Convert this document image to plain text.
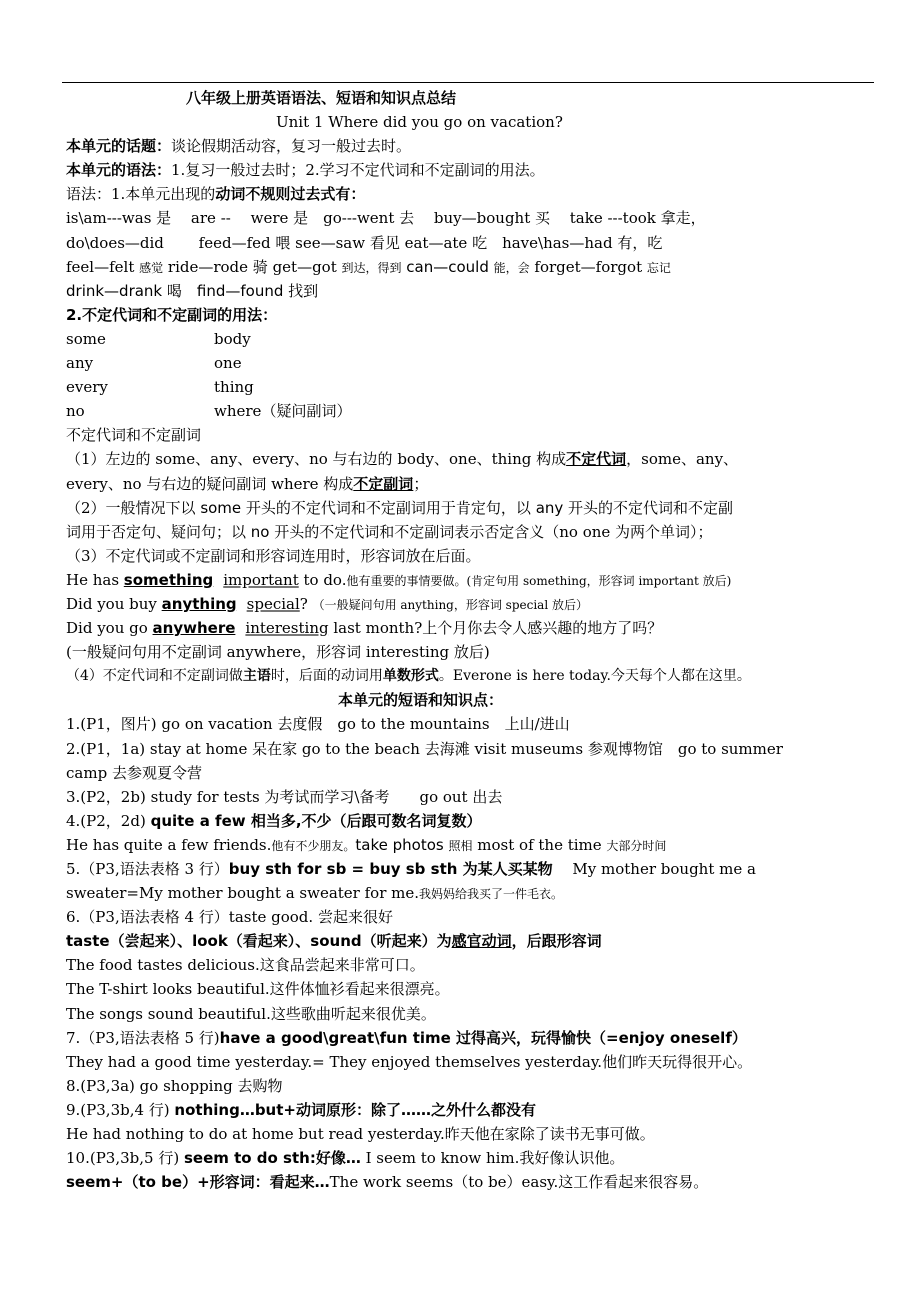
八年级上册英语语法、短语和知识点总结
Unit 1 Where did you go on vacation?
本单元的话题：谈论假期活动容，复习一般过去时。
本单元的语法：1.复习一般过去时；2.学习不定代词和不定副词的用法。
语法：1.本单元出现的动词不规则过去式有：
is\am---was 是　 are --　 were 是　go---went 去　 buy—bought 买　 take ---took 拿走，
do\does—did　　 feed—fed 喂 see—saw 看见 eat—ate 吃　have\has—had 有，吃
feel—felt 感觉 ride—rode 骑 get—got 到达，得到 can—could 能，会 forget—forgot 忘记
drink—drank 喝　find—found 找到
2.不定代词和不定副词的用法：
some	body
any	one
every	thing
no	where（疑问副词）
不定代词和不定副词
（1）左边的 some、any、every、no 与右边的 body、one、thing 构成不定代词，some、any、
every、no 与右边的疑问副词 where 构成不定副词；
（2）一般情况下以 some 开头的不定代词和不定副词用于肯定句，以 any 开头的不定代词和不定副
词用于否定句、疑问句；以 no 开头的不定代词和不定副词表示否定含义（no one 为两个单词）；
（3）不定代词或不定副词和形容词连用时，形容词放在后面。
He has something important to do.他有重要的事情要做。(肯定句用 something，形容词 important 放后)
Did you buy anything special? （一般疑问句用 anything，形容词 special 放后）
Did you go anywhere interesting last month?上个月你去令人感兴趣的地方了吗？
(一般疑问句用不定副词 anywhere，形容词 interesting 放后)
（4）不定代词和不定副词做主语时，后面的动词用单数形式。Everone is here today.今天每个人都在这里。
本单元的短语和知识点：
1.(P1，图片) go on vacation 去度假　go to the mountains　上山/进山
2.(P1，1a) stay at home 呆在家 go to the beach 去海滩 visit museums 参观博物馆　go to summer
camp 去参观夏令营
3.(P2，2b) study for tests 为考试而学习\备考　　go out 出去
4.(P2，2d) quite a few 相当多,不少（后跟可数名词复数）
He has quite a few friends.他有不少朋友。take photos 照相 most of the time 大部分时间
5.（P3,语法表格 3 行）buy sth for sb = buy sb sth 为某人买某物　 My mother bought me a
sweater=My mother bought a sweater for me.我妈妈给我买了一件毛衣。
6.（P3,语法表格 4 行）taste good. 尝起来很好
taste（尝起来）、look（看起来）、sound（听起来）为感官动词，后跟形容词
The food tastes delicious.这食品尝起来非常可口。
The T-shirt looks beautiful.这件体恤衫看起来很漂亮。
The songs sound beautiful.这些歌曲听起来很优美。
7.（P3,语法表格 5 行)have a good\great\fun time 过得高兴，玩得愉快（=enjoy oneself）
They had a good time yesterday.= They enjoyed themselves yesterday.他们昨天玩得很开心。
8.(P3,3a) go shopping 去购物
9.(P3,3b,4 行) nothing…but+动词原形：除了……之外什么都没有
He had nothing to do at home but read yesterday.昨天他在家除了读书无事可做。
10.(P3,3b,5 行) seem to do sth:好像… I seem to know him.我好像认识他。
seem+（to be）+形容词：看起来…The work seems（to be）easy.这工作看起来很容易。
